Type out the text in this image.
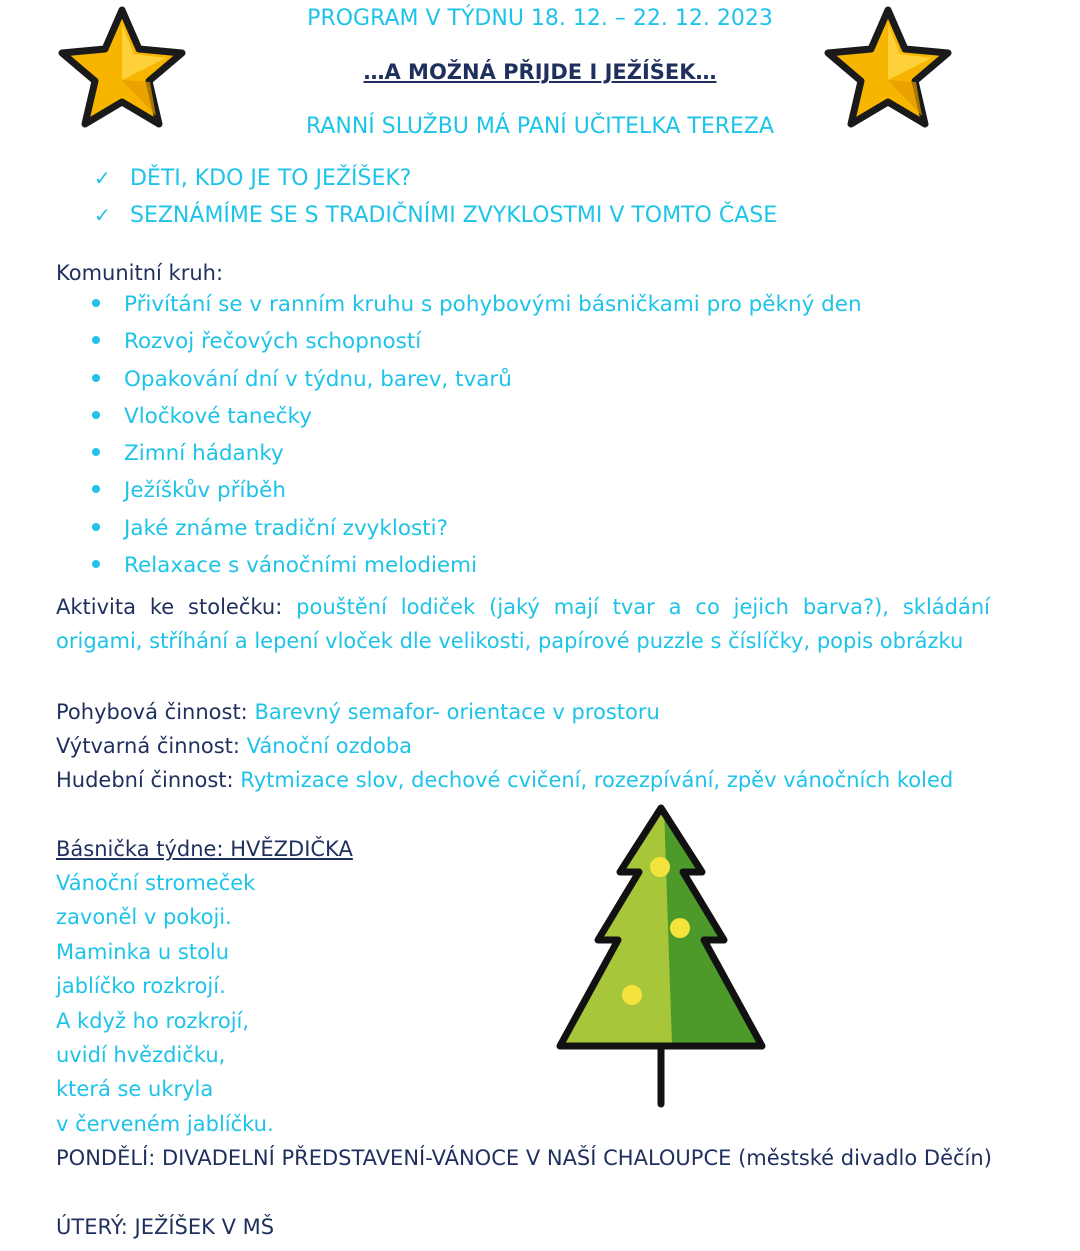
PROGRAM V TÝDNU 18. 12. – 22. 12. 2023
…A MOŽNÁ PŘIJDE I JEŽÍŠEK…
RANNÍ SLUŽBU MÁ PANÍ UČITELKA TEREZA
✓ DĚTI, KDO JE TO JEŽÍŠEK?
✓ SEZNÁMÍME SE S TRADIČNÍMI ZVYKLOSTMI V TOMTO ČASE
Komunitní kruh:
Přivítání se v ranním kruhu s pohybovými básničkami pro pěkný den
Rozvoj řečových schopností
Opakování dní v týdnu, barev, tvarů
Vločkové tanečky
Zimní hádanky
Ježíškův příběh
Jaké známe tradiční zvyklosti?
Relaxace s vánočními melodiemi
Aktivita ke stolečku: pouštění lodiček (jaký mají tvar a co jejich barva?), skládání origami, stříhání a lepení vloček dle velikosti, papírové puzzle s číslíčky, popis obrázku
Pohybová činnost: Barevný semafor- orientace v prostoru
Výtvarná činnost: Vánoční ozdoba
Hudební činnost: Rytmizace slov, dechové cvičení, rozezpívání, zpěv vánočních koled
Básnička týdne: HVĚZDIČKA
Vánoční stromeček
zavoněl v pokoji.
Maminka u stolu
jablíčko rozkrojí.
A když ho rozkrojí,
uvidí hvězdičku,
která se ukryla
v červeném jablíčku.
PONDĚLÍ: DIVADELNÍ PŘEDSTAVENÍ-VÁNOCE V NAŠÍ CHALOUPCE (městské divadlo Děčín)
ÚTERÝ: JEŽÍŠEK V MŠ
